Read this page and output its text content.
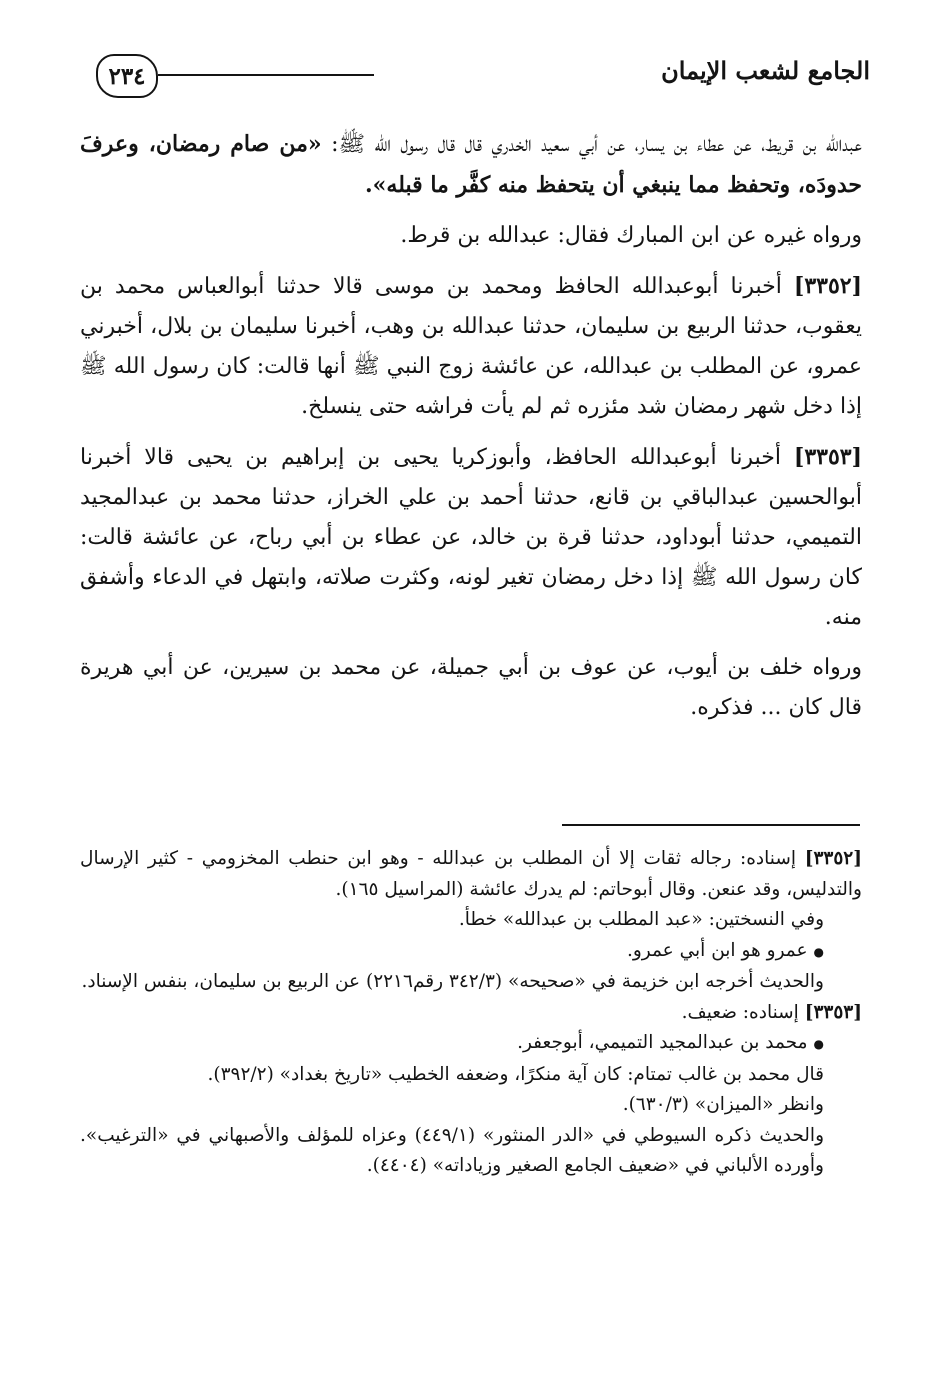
٢٣٤	الجامع لشعب الإيمان

عبدالله بن قريط، عن عطاء بن يسار، عن أبي سعيد الخدري قال قال رسول الله ﷺ: «من صام رمضان، وعرفَ حدودَه، وتحفظ مما ينبغي أن يتحفظ منه كفَّر ما قبله».

ورواه غيره عن ابن المبارك فقال: عبدالله بن قرط.

[٣٣٥٢] أخبرنا أبوعبدالله الحافظ ومحمد بن موسى قالا حدثنا أبوالعباس محمد بن يعقوب، حدثنا الربيع بن سليمان، حدثنا عبدالله بن وهب، أخبرنا سليمان بن بلال، أخبرني عمرو، عن المطلب بن عبدالله، عن عائشة زوج النبي ﷺ أنها قالت: كان رسول الله ﷺ إذا دخل شهر رمضان شد مئزره ثم لم يأت فراشه حتى ينسلخ.

[٣٣٥٣] أخبرنا أبوعبدالله الحافظ، وأبوزكريا يحيى بن إبراهيم بن يحيى قالا أخبرنا أبوالحسين عبدالباقي بن قانع، حدثنا أحمد بن علي الخراز، حدثنا محمد بن عبدالمجيد التميمي، حدثنا أبوداود، حدثنا قرة بن خالد، عن عطاء بن أبي رباح، عن عائشة قالت: كان رسول الله ﷺ إذا دخل رمضان تغير لونه، وكثرت صلاته، وابتهل في الدعاء وأشفق منه.

ورواه خلف بن أيوب، عن عوف بن أبي جميلة، عن محمد بن سيرين، عن أبي هريرة قال كان ... فذكره.

[٣٣٥٢] إسناده: رجاله ثقات إلا أن المطلب بن عبدالله - وهو ابن حنطب المخزومي - كثير الإرسال والتدليس، وقد عنعن. وقال أبوحاتم: لم يدرك عائشة (المراسيل ١٦٥).

وفي النسختين: «عبد المطلب بن عبدالله» خطأ.

● عمرو هو ابن أبي عمرو.

والحديث أخرجه ابن خزيمة في «صحيحه» (٣٤٢/٣ رقم٢٢١٦) عن الربيع بن سليمان، بنفس الإسناد.

[٣٣٥٣] إسناده: ضعيف.

● محمد بن عبدالمجيد التميمي، أبوجعفر.

قال محمد بن غالب تمتام: كان آية منكرًا، وضعفه الخطيب «تاريخ بغداد» (٣٩٢/٢).

وانظر «الميزان» (٦٣٠/٣).

والحديث ذكره السيوطي في «الدر المنثور» (٤٤٩/١) وعزاه للمؤلف والأصبهاني في «الترغيب». وأورده الألباني في «ضعيف الجامع الصغير وزياداته» (٤٤٠٤).
